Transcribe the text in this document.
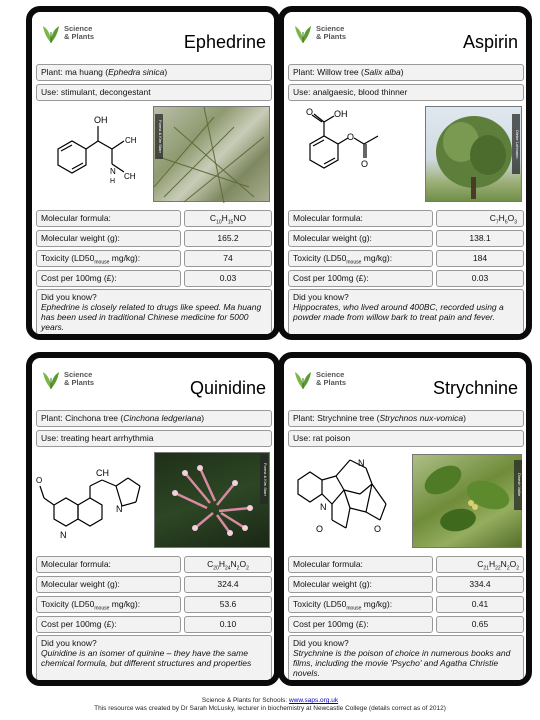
Science
& Plants	Ephedrine
Plant: ma huang (Ephedra sinica)
Use: stimulant, decongestant
OH
CH
N
CH
H
Forest & Kim Starr
Molecular formula:	$C_{10}H_{15}NO$
Molecular weight (g):	165.2
Toxicity ($LD50_{mouse}$ mg/kg):	74
Cost per 100mg (£):	0.03
Did you know?
Ephedrine is closely related to drugs like speed. Ma huang has been used in traditional Chinese medicine for 5000 years.
Science
& Plants	Aspirin
Plant: Willow tree (Salix alba)
Use: analgaesic, blood thinner
O OH
O
O
Dieter Lohmann
Molecular formula:	$C_7H_6O_3$
Molecular weight (g):	138.1
Toxicity ($LD50_{mouse}$ mg/kg):	184
Cost per 100mg (£):	0.03
Did you know?
Hippocrates, who lived around 400BC, recorded using a powder made from willow bark to treat pain and fever.
Science
& Plants	Quinidine
Plant: Cinchona tree (Cinchona ledgeriana)
Use: treating heart arrhythmia
CH
N
N
O	Forest & Kim Starr
Molecular formula:	$C_{20}H_{24}N_2O_2$
Molecular weight (g):	324.4
Toxicity ($LD50_{mouse}$ mg/kg):	53.6
Cost per 100mg (£):	0.10
Did you know?
Quinidine is an isomer of quinine – they have the same chemical formula, but different structures and properties
Science
& Plants	Strychnine
Plant: Strychnine tree (Strychnos nux-vomica)
Use: rat poison
N
N
O	O
Dinesh Valke
Molecular formula:	$C_{21}H_{22}N_2O_2$
Molecular weight (g):	334.4
Toxicity ($LD50_{mouse}$ mg/kg):	0.41
Cost per 100mg (£):	0.65
Did you know?
Strychnine is the poison of choice in numerous books and films, including the movie 'Psycho' and Agatha Christie novels.
Science & Plants for Schools: www.saps.org.uk
This resource was created by Dr Sarah McLusky, lecturer in biochemistry at Newcastle College (details correct as of 2012)
